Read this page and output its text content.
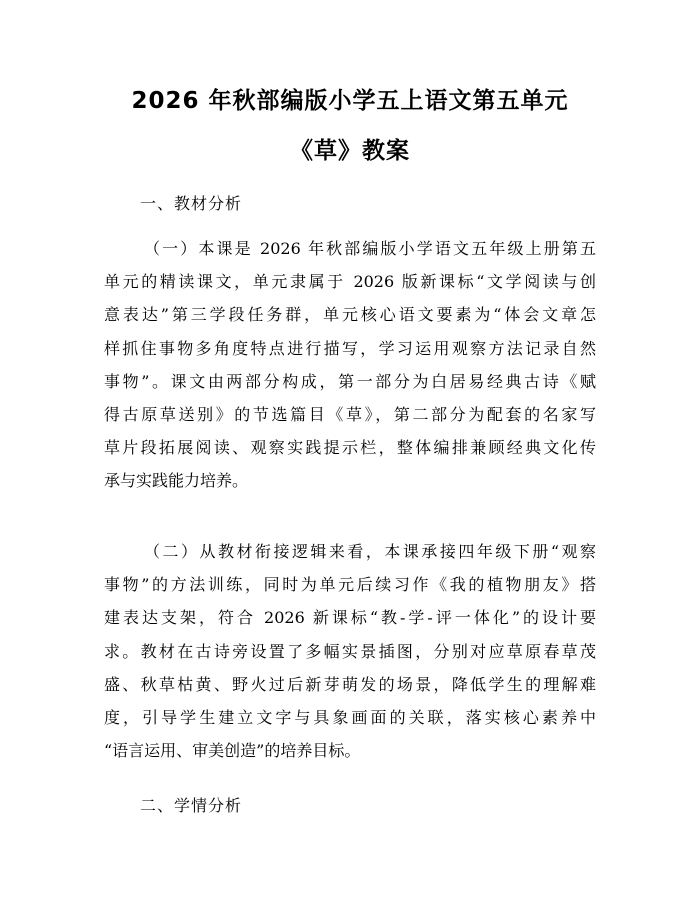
2026 年秋部编版小学五上语文第五单元
《草》教案
一、教材分析
（一）本课是 2026 年秋部编版小学语文五年级上册第五
单元的精读课文，单元隶属于 2026 版新课标“文学阅读与创
意表达”第三学段任务群，单元核心语文要素为“体会文章怎
样抓住事物多角度特点进行描写，学习运用观察方法记录自然
事物”。课文由两部分构成，第一部分为白居易经典古诗《赋
得古原草送别》的节选篇目《草》，第二部分为配套的名家写
草片段拓展阅读、观察实践提示栏，整体编排兼顾经典文化传
承与实践能力培养。
（二）从教材衔接逻辑来看，本课承接四年级下册“观察
事物”的方法训练，同时为单元后续习作《我的植物朋友》搭
建表达支架，符合 2026 新课标“教-学-评一体化”的设计要
求。教材在古诗旁设置了多幅实景插图，分别对应草原春草茂
盛、秋草枯黄、野火过后新芽萌发的场景，降低学生的理解难
度，引导学生建立文字与具象画面的关联，落实核心素养中
“语言运用、审美创造”的培养目标。
二、学情分析
